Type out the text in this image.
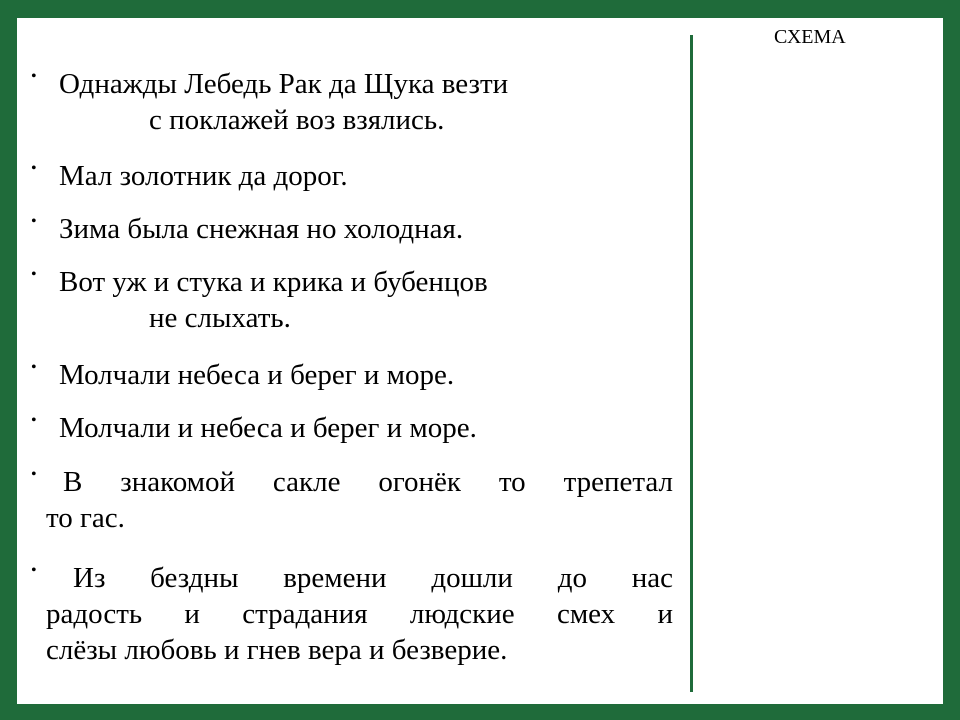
СХЕМА
• Однажды Лебедь Рак да Щука везти
с поклажей воз взялись.
• Мал золотник да дорог.
• Зима была снежная но холодная.
• Вот уж и стука и крика и бубенцов
не слыхать.
• Молчали небеса и берег и море.
• Молчали и небеса и берег и море.
• В знакомой сакле огонёк то трепетал
то гас.
•	Из бездны времени дошли до нас
радость и страдания людские смех и
слёзы любовь и гнев вера и безверие.
